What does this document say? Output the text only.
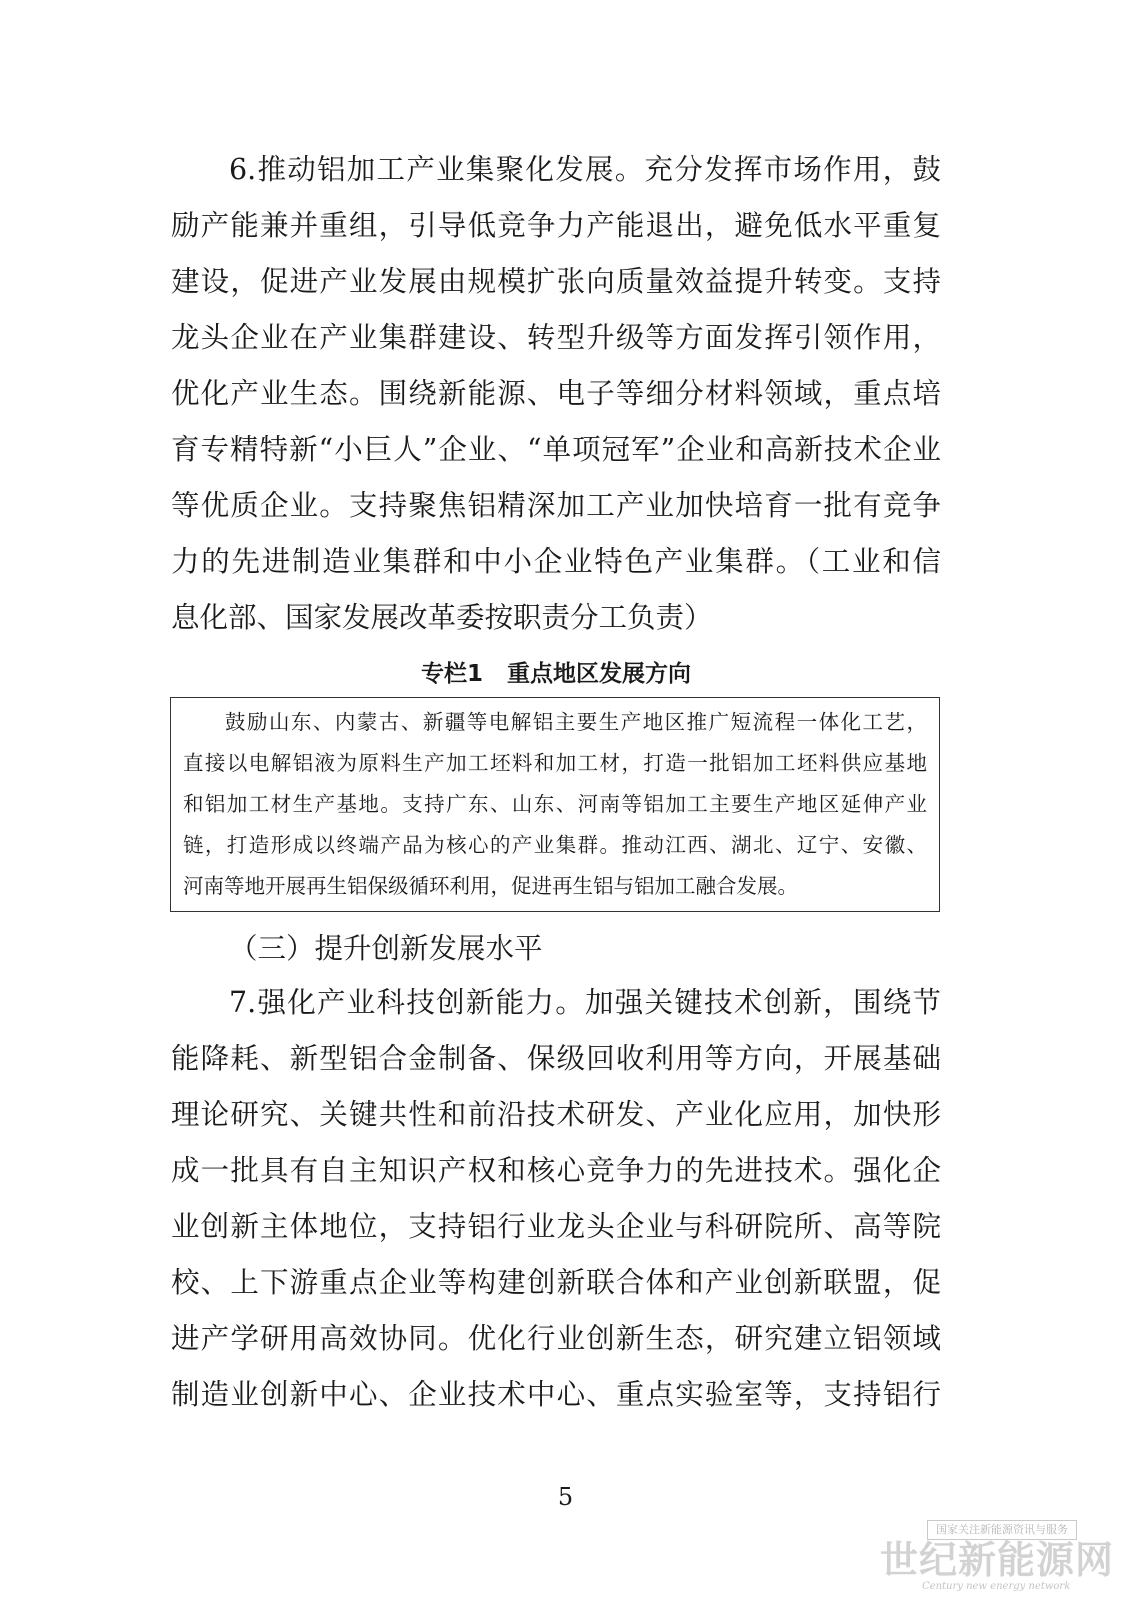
6.推动铝加工产业集聚化发展。充分发挥市场作用，鼓
励产能兼并重组，引导低竞争力产能退出，避免低水平重复
建设，促进产业发展由规模扩张向质量效益提升转变。支持
龙头企业在产业集群建设、转型升级等方面发挥引领作用，
优化产业生态。围绕新能源、电子等细分材料领域，重点培
育专精特新“小巨人”企业、“单项冠军”企业和高新技术企业
等优质企业。支持聚焦铝精深加工产业加快培育一批有竞争
力的先进制造业集群和中小企业特色产业集群。（工业和信
息化部、国家发展改革委按职责分工负责）
专栏1 重点地区发展方向
鼓励山东、内蒙古、新疆等电解铝主要生产地区推广短流程一体化工艺，
直接以电解铝液为原料生产加工坯料和加工材，打造一批铝加工坯料供应基地
和铝加工材生产基地。支持广东、山东、河南等铝加工主要生产地区延伸产业
链，打造形成以终端产品为核心的产业集群。推动江西、湖北、辽宁、安徽、
河南等地开展再生铝保级循环利用，促进再生铝与铝加工融合发展。
（三）提升创新发展水平
7.强化产业科技创新能力。加强关键技术创新，围绕节
能降耗、新型铝合金制备、保级回收利用等方向，开展基础
理论研究、关键共性和前沿技术研发、产业化应用，加快形
成一批具有自主知识产权和核心竞争力的先进技术。强化企
业创新主体地位，支持铝行业龙头企业与科研院所、高等院
校、上下游重点企业等构建创新联合体和产业创新联盟，促
进产学研用高效协同。优化行业创新生态，研究建立铝领域
制造业创新中心、企业技术中心、重点实验室等，支持铝行
5
国家关注新能源资讯与服务
世纪新能源网
Century new energy network
